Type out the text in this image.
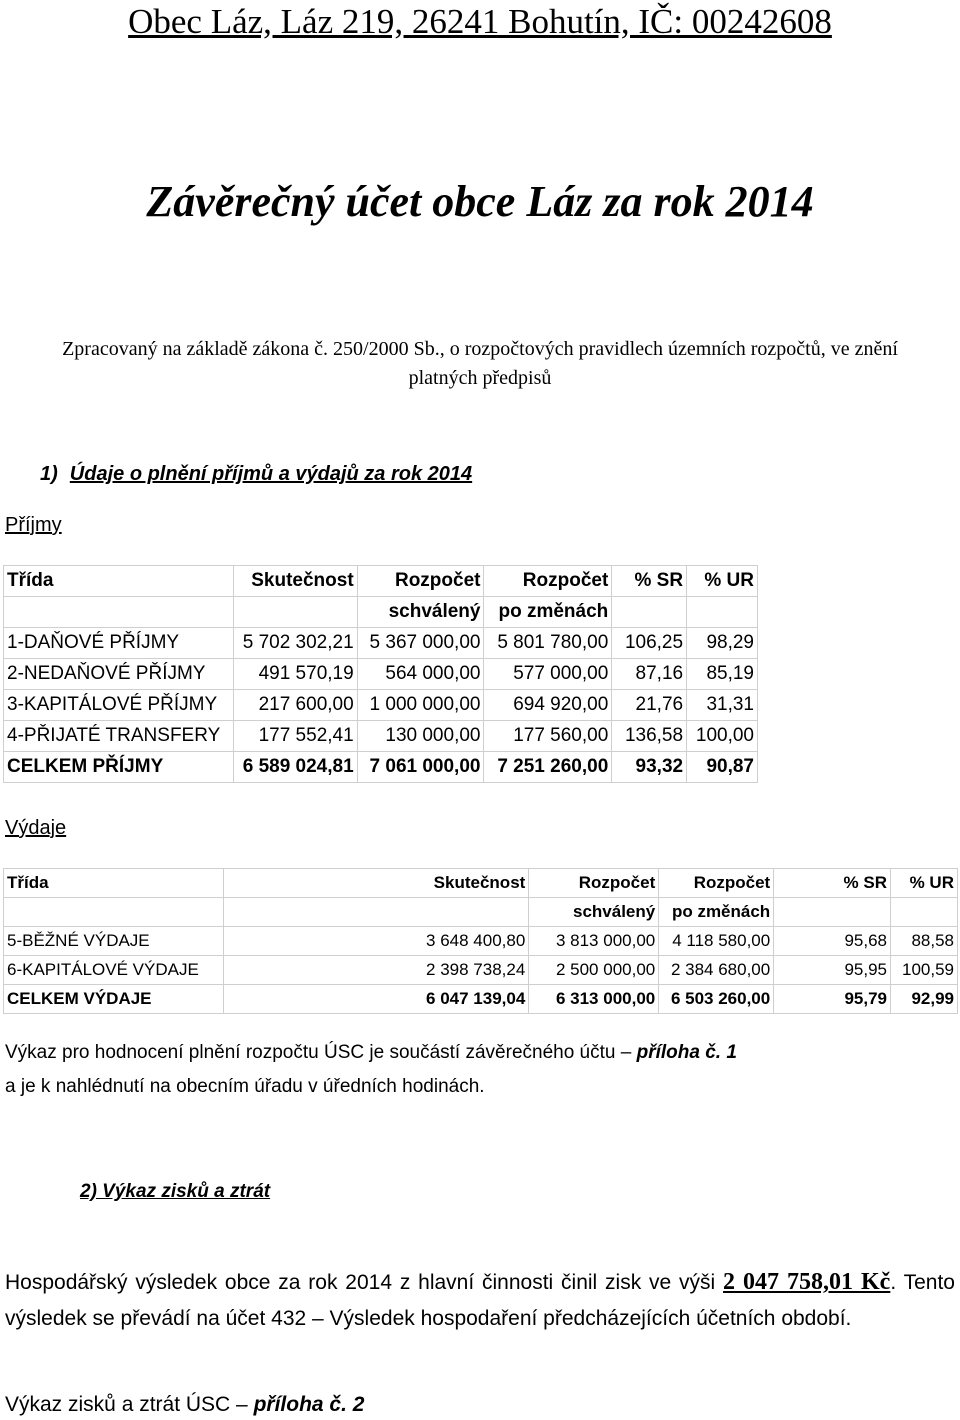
Obec Láz, Láz 219, 26241 Bohutín, IČ: 00242608
Závěrečný účet obce Láz za rok 2014
Zpracovaný na základě zákona č. 250/2000 Sb., o rozpočtových pravidlech územních rozpočtů, ve znění
platných předpisů
1) Údaje o plnění příjmů a výdajů za rok 2014
Příjmy
Třída	Skutečnost	Rozpočet	Rozpočet	% SR	% UR
		schválený	po změnách		
1-DAŇOVÉ PŘÍJMY	5 702 302,21	5 367 000,00	5 801 780,00	106,25	98,29
2-NEDAŇOVÉ PŘÍJMY	491 570,19	564 000,00	577 000,00	87,16	85,19
3-KAPITÁLOVÉ PŘÍJMY	217 600,00	1 000 000,00	694 920,00	21,76	31,31
4-PŘIJATÉ TRANSFERY	177 552,41	130 000,00	177 560,00	136,58	100,00
CELKEM PŘÍJMY	6 589 024,81	7 061 000,00	7 251 260,00	93,32	90,87
Výdaje
Třída	Skutečnost	Rozpočet	Rozpočet	% SR	% UR
		schválený	po změnách		
5-BĚŽNÉ VÝDAJE	3 648 400,80	3 813 000,00	4 118 580,00	95,68	88,58
6-KAPITÁLOVÉ VÝDAJE	2 398 738,24	2 500 000,00	2 384 680,00	95,95	100,59
CELKEM VÝDAJE	6 047 139,04	6 313 000,00	6 503 260,00	95,79	92,99
Výkaz pro hodnocení plnění rozpočtu ÚSC je součástí závěrečného účtu – příloha č. 1
a je k nahlédnutí na obecním úřadu v úředních hodinách.
2) Výkaz zisků a ztrát
Hospodářský výsledek obce za rok 2014 z hlavní činnosti činil zisk ve výši 2 047 758,01 Kč. Tento výsledek se převádí na účet 432 – Výsledek hospodaření předcházejících účetních období.
Výkaz zisků a ztrát ÚSC – příloha č. 2
